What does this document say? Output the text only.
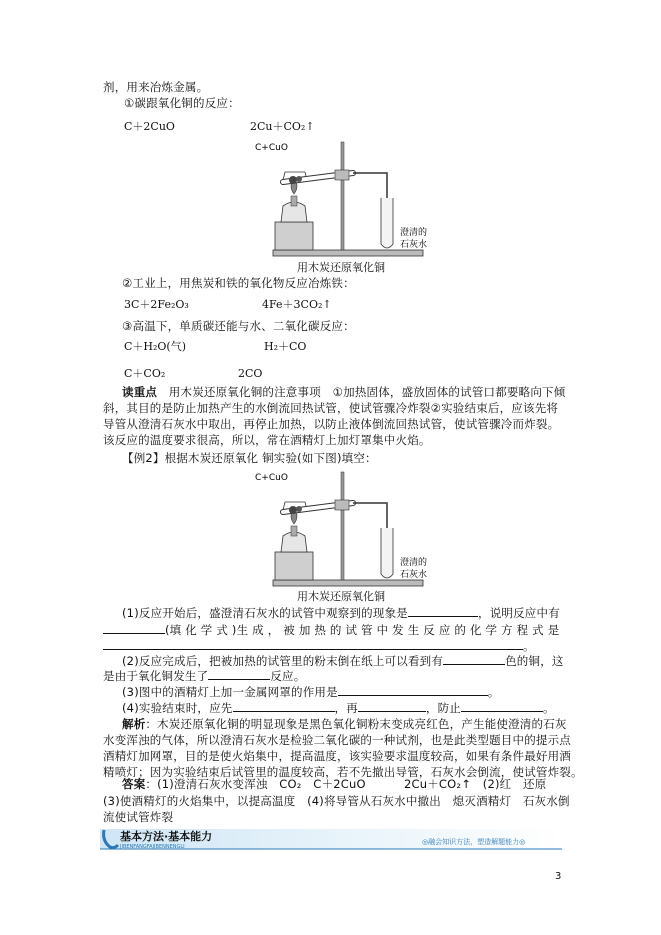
剂，用来冶炼金属。
①碳跟氧化铜的反应：
C＋2CuO	2Cu＋CO₂↑
C+CuO
澄清的
石灰水
用木炭还原氧化铜
②工业上，用焦炭和铁的氧化物反应冶炼铁：
3C＋2Fe₂O₃	4Fe＋3CO₂↑
③高温下，单质碳还能与水、二氧化碳反应：
C＋H₂O(气)	H₂＋CO
C＋CO₂	2CO
读重点　用木炭还原氧化铜的注意事项　①加热固体，盛放固体的试管口都要略向下倾
斜，其目的是防止加热产生的水倒流回热试管，使试管骤冷炸裂②实验结束后，应该先将
导管从澄清石灰水中取出，再停止加热，以防止液体倒流回热试管，使试管骤冷而炸裂。
该反应的温度要求很高，所以，常在酒精灯上加灯罩集中火焰。
【例2】根据木炭还原氧化 铜实验(如下图)填空：
C+CuO
澄清的
石灰水
用木炭还原氧化铜
(1)反应开始后，盛澄清石灰水的试管中观察到的现象是	，说明反应中有
(填 化 学 式 )生 成 ， 被 加 热 的 试 管 中 发 生 反 应 的 化 学 方 程 式 是
。
(2)反应完成后，把被加热的试管里的粉末倒在纸上可以看到有	色的铜，这
是由于氧化铜发生了	反应。
(3)图中的酒精灯上加一金属网罩的作用是	。
(4)实验结束时，应先	，再	，防止	。
解析：木炭还原氧化铜的明显现象是黑色氧化铜粉末变成亮红色，产生能使澄清的石灰
水变浑浊的气体，所以澄清石灰水是检验二氧化碳的一种试剂，也是此类型题目中的提示点
酒精灯加网罩，目的是使火焰集中，提高温度，该实验要求温度较高，如果有条件最好用酒
精喷灯；因为实验结束后试管里的温度较高，若不先撤出导管，石灰水会倒流，使试管炸裂。
答案：(1)澄清石灰水变浑浊　CO₂　C＋2CuO	2Cu＋CO₂↑　(2)红　还原
(3)使酒精灯的火焰集中，以提高温度　(4)将导管从石灰水中撤出　熄灭酒精灯　石灰水倒
流使试管炸裂
基本方法·基本能力
JIBENFANGFAJIBENNENGLI
◎融会知识方法，塑造解题能力◎
3
